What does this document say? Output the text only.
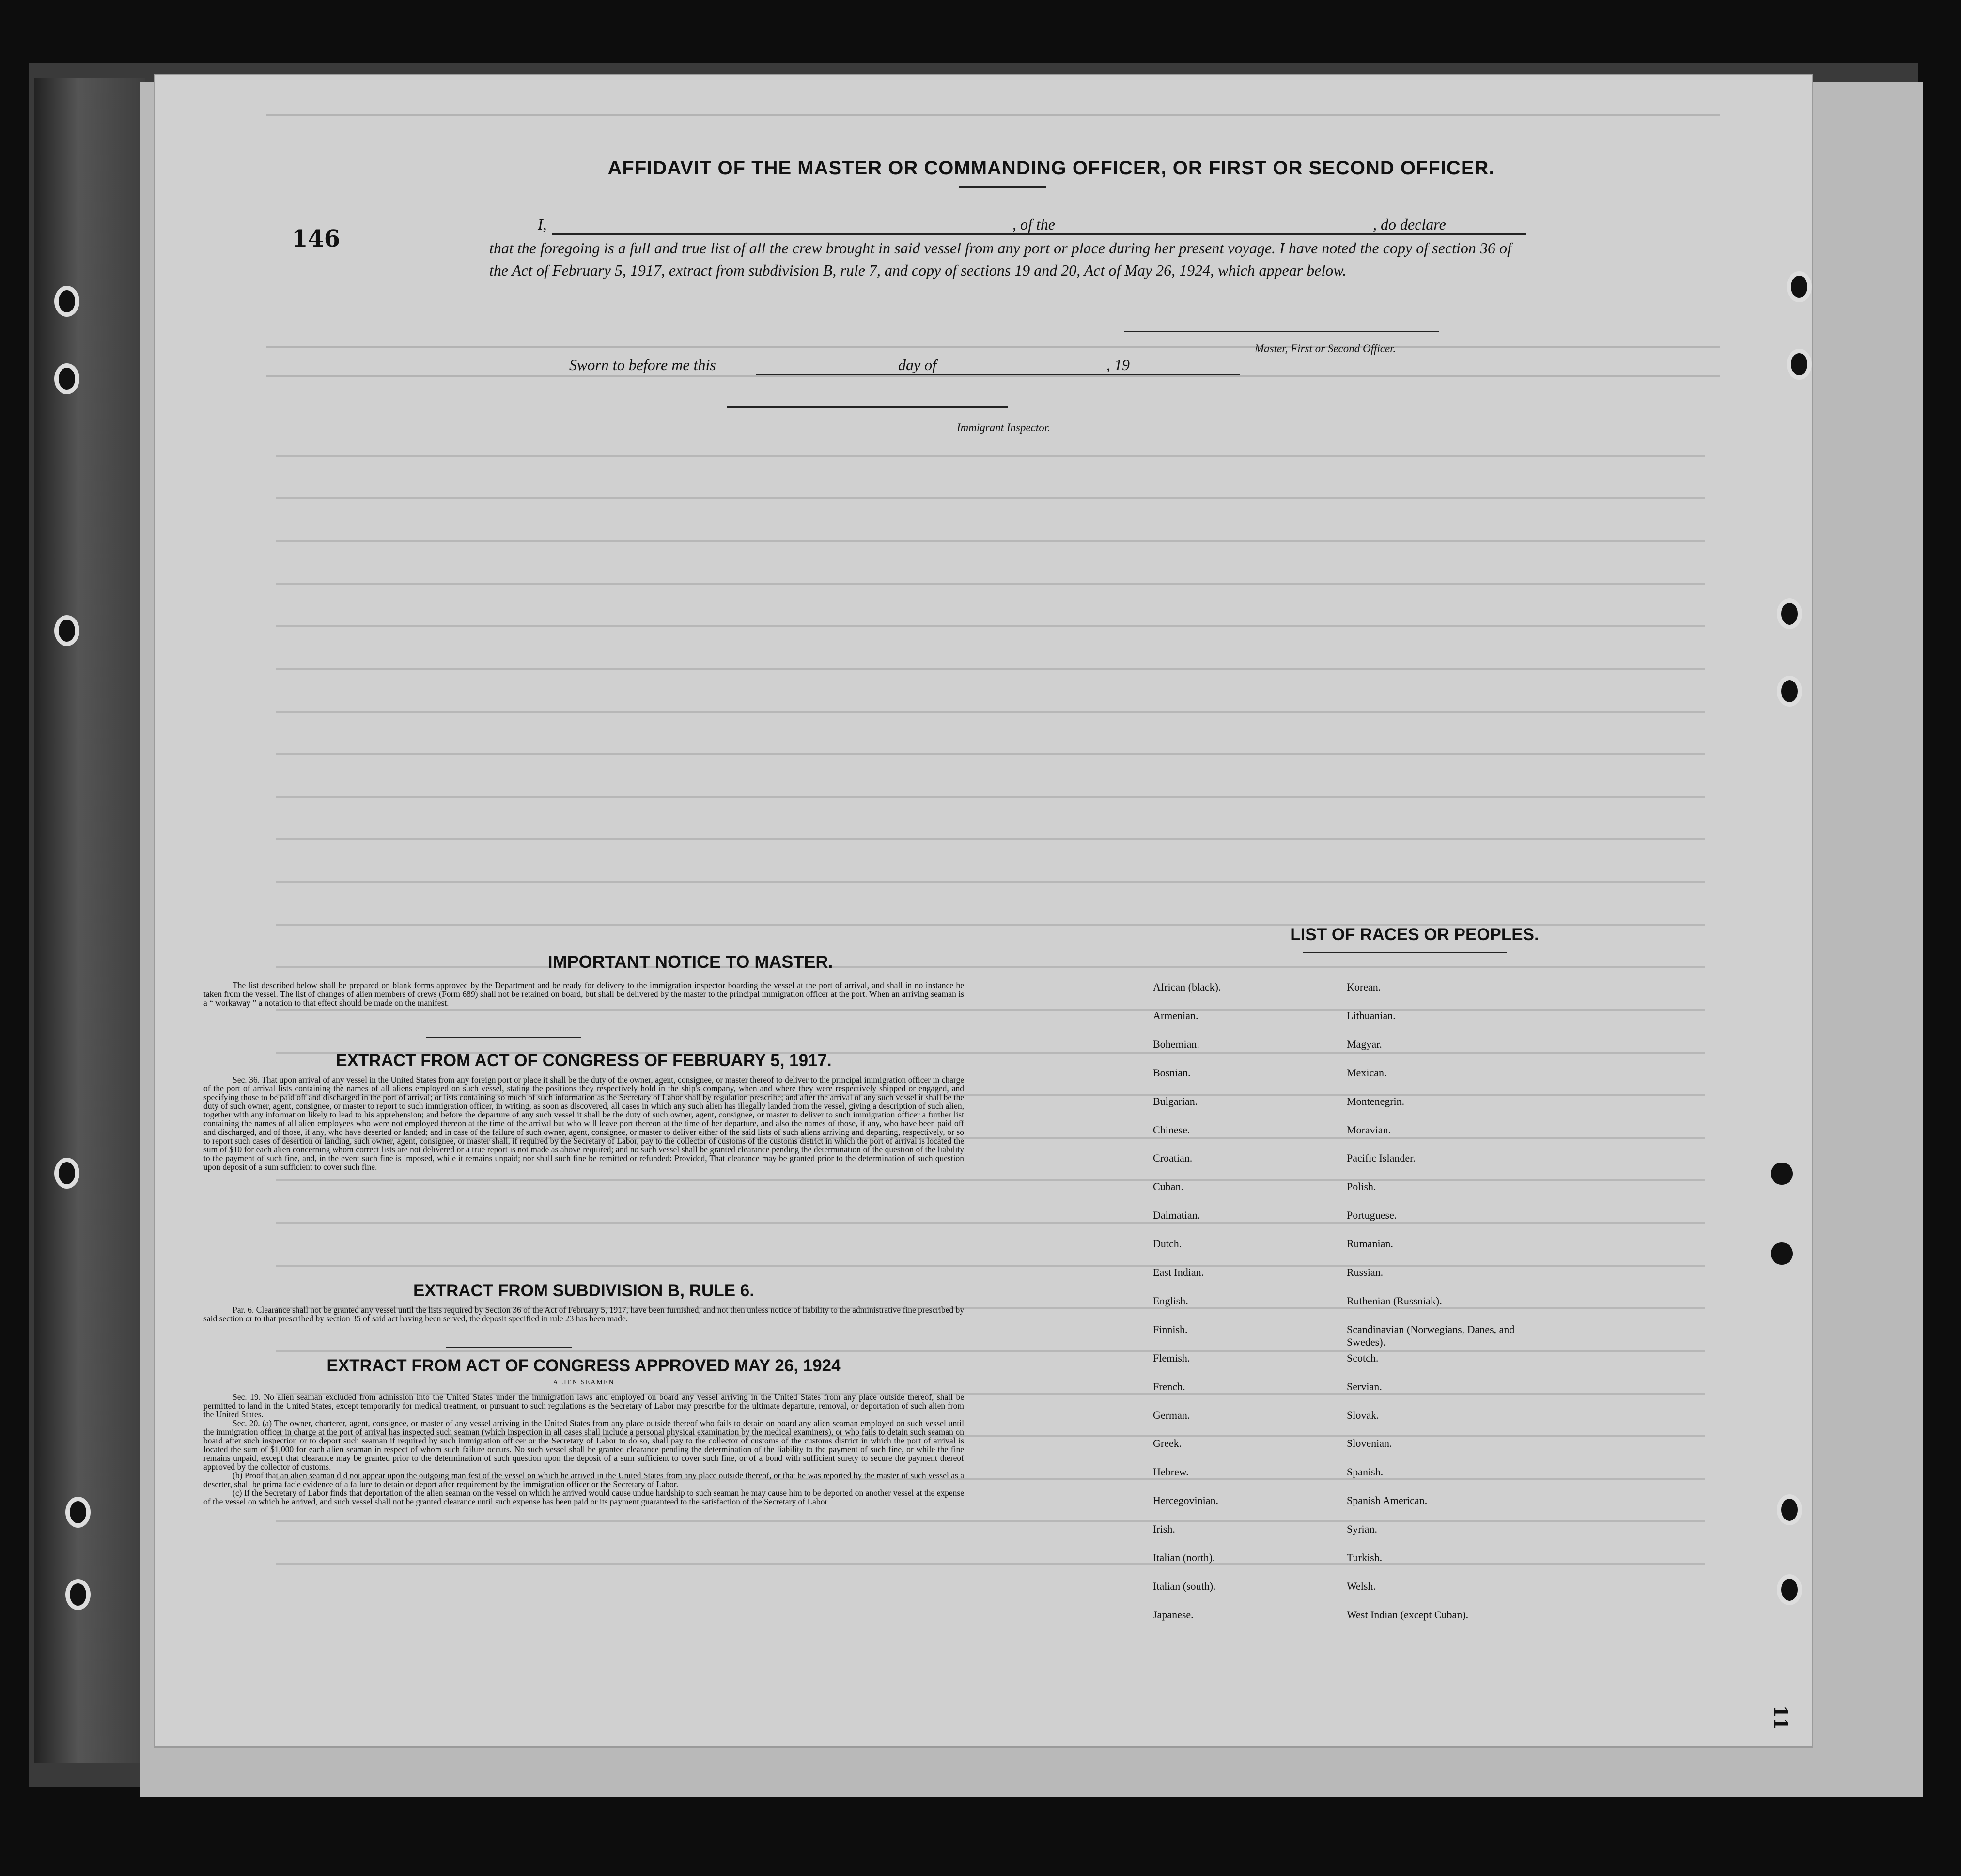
AFFIDAVIT OF THE MASTER OR COMMANDING OFFICER, OR FIRST OR SECOND OFFICER.
I,	, of the	, do declare
that the foregoing is a full and true list of all the crew brought in said vessel from any port or place during her present voyage. I have noted the copy of section 36 of the Act of February 5, 1917, extract from subdivision B, rule 7, and copy of sections 19 and 20, Act of May 26, 1924, which appear below.
Master, First or Second Officer.
Sworn to before me this	day of	, 19
Immigrant Inspector.
146
IMPORTANT NOTICE TO MASTER.
The list described below shall be prepared on blank forms approved by the Department and be ready for delivery to the immigration inspector boarding the vessel at the port of arrival, and shall in no instance be taken from the vessel. The list of changes of alien members of crews (Form 689) shall not be retained on board, but shall be delivered by the master to the principal immigration officer at the port. When an arriving seaman is a “ workaway ” a notation to that effect should be made on the manifest.
EXTRACT FROM ACT OF CONGRESS OF FEBRUARY 5, 1917.
Sec. 36. That upon arrival of any vessel in the United States from any foreign port or place it shall be the duty of the owner, agent, consignee, or master thereof to deliver to the principal immigration officer in charge of the port of arrival lists containing the names of all aliens employed on such vessel, stating the positions they respectively hold in the ship's company, when and where they were respectively shipped or engaged, and specifying those to be paid off and discharged in the port of arrival; or lists containing so much of such information as the Secretary of Labor shall by regulation prescribe; and after the arrival of any such vessel it shall be the duty of such owner, agent, consignee, or master to report to such immigration officer, in writing, as soon as discovered, all cases in which any such alien has illegally landed from the vessel, giving a description of such alien, together with any information likely to lead to his apprehension; and before the departure of any such vessel it shall be the duty of such owner, agent, consignee, or master to deliver to such immigration officer a further list containing the names of all alien employees who were not employed thereon at the time of the arrival but who will leave port thereon at the time of her departure, and also the names of those, if any, who have been paid off and discharged, and of those, if any, who have deserted or landed; and in case of the failure of such owner, agent, consignee, or master to deliver either of the said lists of such aliens arriving and departing, respectively, or so to report such cases of desertion or landing, such owner, agent, consignee, or master shall, if required by the Secretary of Labor, pay to the collector of customs of the customs district in which the port of arrival is located the sum of $10 for each alien concerning whom correct lists are not delivered or a true report is not made as above required; and no such vessel shall be granted clearance pending the determination of the question of the liability to the payment of such fine, and, in the event such fine is imposed, while it remains unpaid; nor shall such fine be remitted or refunded: Provided, That clearance may be granted prior to the determination of such question upon deposit of a sum sufficient to cover such fine.
EXTRACT FROM SUBDIVISION B, RULE 6.
Par. 6. Clearance shall not be granted any vessel until the lists required by Section 36 of the Act of February 5, 1917, have been furnished, and not then unless notice of liability to the administrative fine prescribed by said section or to that prescribed by section 35 of said act having been served, the deposit specified in rule 23 has been made.
EXTRACT FROM ACT OF CONGRESS APPROVED MAY 26, 1924
ALIEN SEAMEN

Sec. 19. No alien seaman excluded from admission into the United States under the immigration laws and employed on board any vessel arriving in the United States from any place outside thereof, shall be permitted to land in the United States, except temporarily for medical treatment, or pursuant to such regulations as the Secretary of Labor may prescribe for the ultimate departure, removal, or deportation of such alien from the United States.

Sec. 20. (a) The owner, charterer, agent, consignee, or master of any vessel arriving in the United States from any place outside thereof who fails to detain on board any alien seaman employed on such vessel until the immigration officer in charge at the port of arrival has inspected such seaman (which inspection in all cases shall include a personal physical examination by the medical examiners), or who fails to detain such seaman on board after such inspection or to deport such seaman if required by such immigration officer or the Secretary of Labor to do so, shall pay to the collector of customs of the customs district in which the port of arrival is located the sum of $1,000 for each alien seaman in respect of whom such failure occurs. No such vessel shall be granted clearance pending the determination of the liability to the payment of such fine, or while the fine remains unpaid, except that clearance may be granted prior to the determination of such question upon the deposit of a sum sufficient to cover such fine, or of a bond with sufficient surety to secure the payment thereof approved by the collector of customs.

(b) Proof that an alien seaman did not appear upon the outgoing manifest of the vessel on which he arrived in the United States from any place outside thereof, or that he was reported by the master of such vessel as a deserter, shall be prima facie evidence of a failure to detain or deport after requirement by the immigration officer or the Secretary of Labor.

(c) If the Secretary of Labor finds that deportation of the alien seaman on the vessel on which he arrived would cause undue hardship to such seaman he may cause him to be deported on another vessel at the expense of the vessel on which he arrived, and such vessel shall not be granted clearance until such expense has been paid or its payment guaranteed to the satisfaction of the Secretary of Labor.

LIST OF RACES OR PEOPLES.
African (black).
Armenian.
Bohemian.
Bosnian.
Bulgarian.
Chinese.
Croatian.
Cuban.
Dalmatian.
Dutch.
East Indian.
English.
Finnish.
Flemish.
French.
German.
Greek.
Hebrew.
Hercegovinian.
Irish.
Italian (north).
Italian (south).
Japanese.
Korean.
Lithuanian.
Magyar.
Mexican.
Montenegrin.
Moravian.
Pacific Islander.
Polish.
Portuguese.
Rumanian.
Russian.
Ruthenian (Russniak).
Scandinavian (Norwegians, Danes, and Swedes).
Scotch.
Servian.
Slovak.
Slovenian.
Spanish.
Spanish American.
Syrian.
Turkish.
Welsh.
West Indian (except Cuban).
11
